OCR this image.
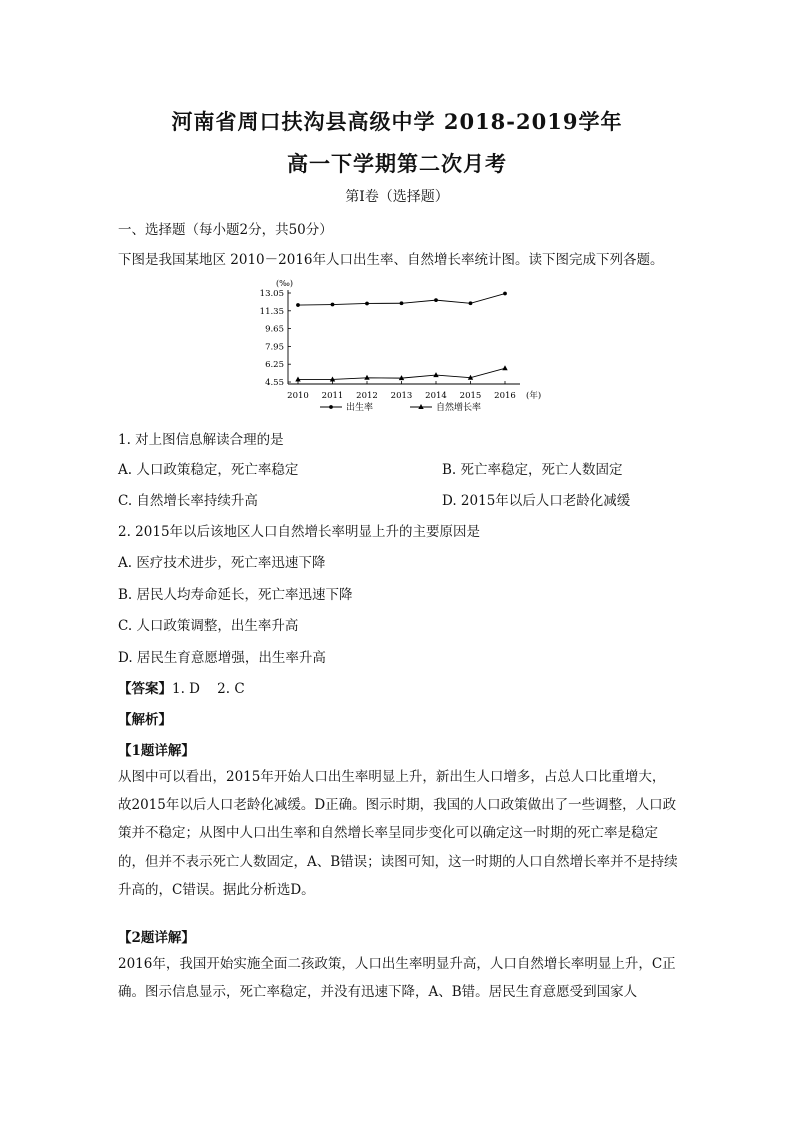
河南省周口扶沟县高级中学 2018-2019学年
高一下学期第二次月考
第Ⅰ卷（选择题）
一、选择题（每小题2分，共50分）
下图是我国某地区 2010－2016年人口出生率、自然增长率统计图。读下图完成下列各题。
(‰)
4.55
6.25
7.95
9.65
11.35
13.05
2010 2011 2012 2013 2014 2015 2016 (年)
出生率	自然增长率
1. 对上图信息解读合理的是
A. 人口政策稳定，死亡率稳定	B. 死亡率稳定，死亡人数固定
C. 自然增长率持续升高	D. 2015年以后人口老龄化减缓
2. 2015年以后该地区人口自然增长率明显上升的主要原因是
A. 医疗技术进步，死亡率迅速下降
B. 居民人均寿命延长，死亡率迅速下降
C. 人口政策调整，出生率升高
D. 居民生育意愿增强，出生率升高
【答案】1. D    2. C
【解析】
【1题详解】
从图中可以看出，2015年开始人口出生率明显上升，新出生人口增多，占总人口比重增大，故2015年以后人口老龄化减缓。D正确。图示时期，我国的人口政策做出了一些调整，人口政策并不稳定；从图中人口出生率和自然增长率呈同步变化可以确定这一时期的死亡率是稳定的，但并不表示死亡人数固定，A、B错误；读图可知，这一时期的人口自然增长率并不是持续升高的，C错误。据此分析选D。
【2题详解】
2016年，我国开始实施全面二孩政策，人口出生率明显升高，人口自然增长率明显上升，C正确。图示信息显示，死亡率稳定，并没有迅速下降，A、B错。居民生育意愿受到国家人
